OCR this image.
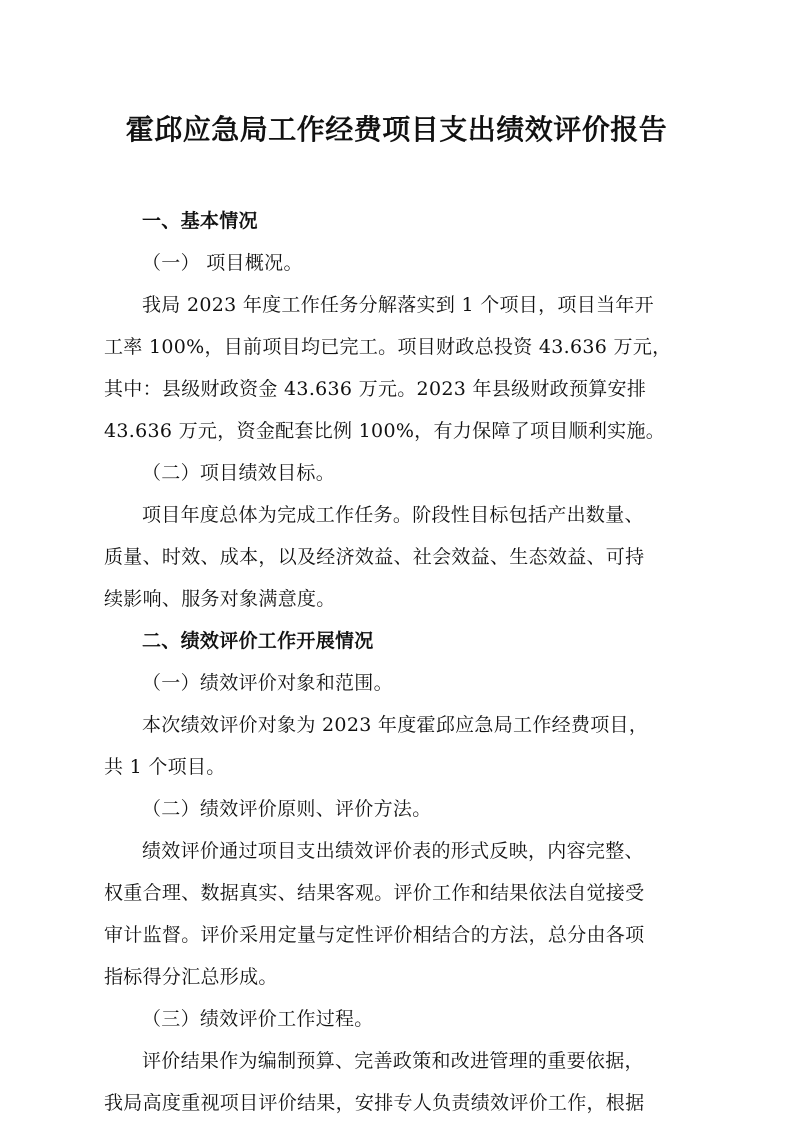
霍邱应急局工作经费项目支出绩效评价报告

一、基本情况

（一） 项目概况。

我局 2023 年度工作任务分解落实到 1 个项目，项目当年开

工率 100%，目前项目均已完工。项目财政总投资 43.636 万元，

其中：县级财政资金 43.636 万元。2023 年县级财政预算安排

43.636 万元，资金配套比例 100%，有力保障了项目顺利实施。

（二）项目绩效目标。

项目年度总体为完成工作任务。阶段性目标包括产出数量、

质量、时效、成本，以及经济效益、社会效益、生态效益、可持

续影响、服务对象满意度。

二、绩效评价工作开展情况

（一）绩效评价对象和范围。

本次绩效评价对象为 2023 年度霍邱应急局工作经费项目，

共 1 个项目。

（二）绩效评价原则、评价方法。

绩效评价通过项目支出绩效评价表的形式反映，内容完整、

权重合理、数据真实、结果客观。评价工作和结果依法自觉接受

审计监督。评价采用定量与定性评价相结合的方法，总分由各项

指标得分汇总形成。

（三）绩效评价工作过程。

评价结果作为编制预算、完善政策和改进管理的重要依据，

我局高度重视项目评价结果，安排专人负责绩效评价工作，根据
